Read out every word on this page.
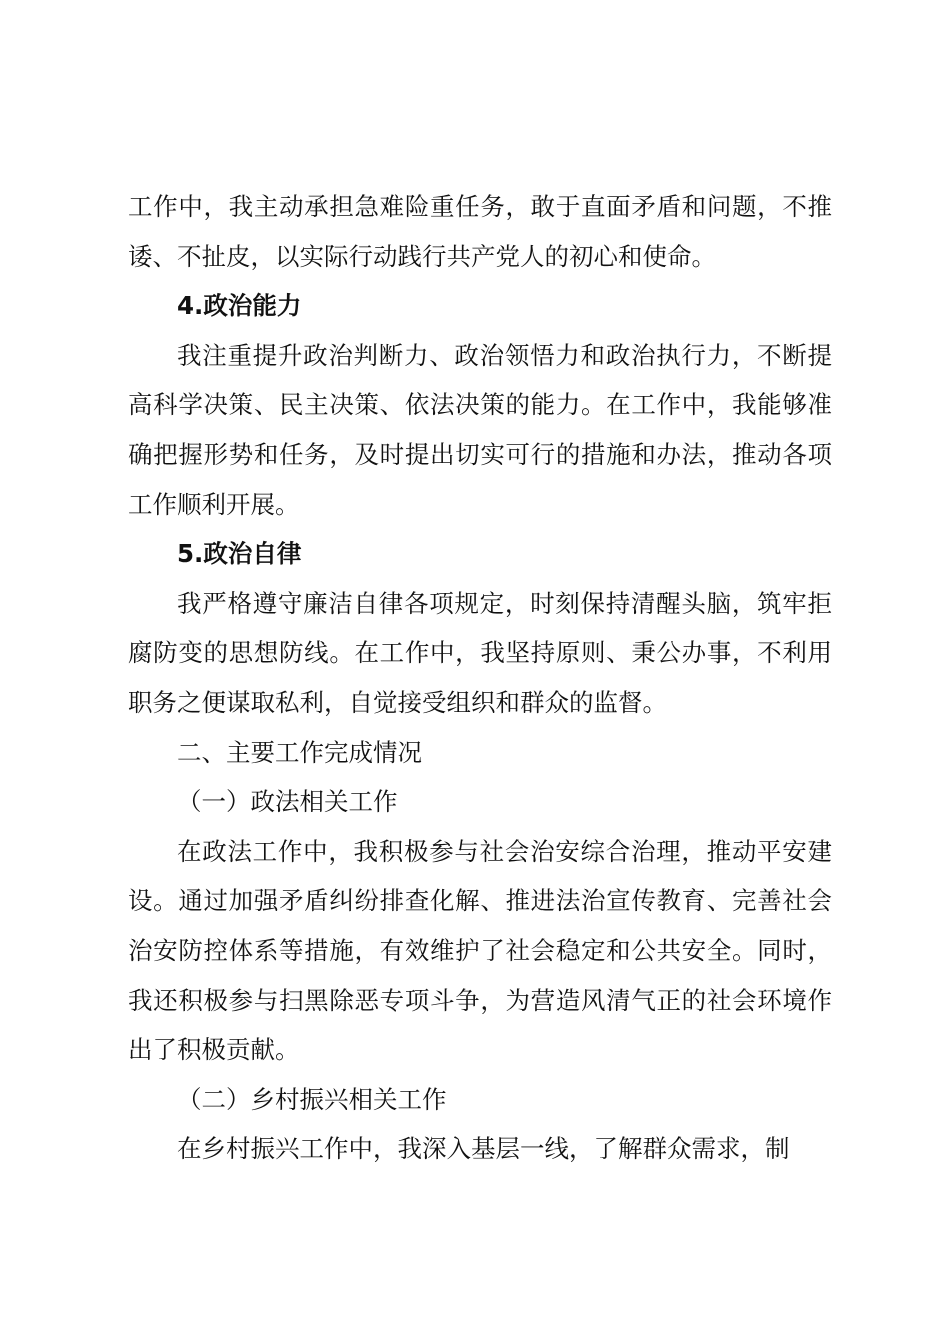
工作中，我主动承担急难险重任务，敢于直面矛盾和问题，不推诿、不扯皮，以实际行动践行共产党人的初心和使命。

4.政治能力

我注重提升政治判断力、政治领悟力和政治执行力，不断提高科学决策、民主决策、依法决策的能力。在工作中，我能够准确把握形势和任务，及时提出切实可行的措施和办法，推动各项工作顺利开展。

5.政治自律

我严格遵守廉洁自律各项规定，时刻保持清醒头脑，筑牢拒腐防变的思想防线。在工作中，我坚持原则、秉公办事，不利用职务之便谋取私利，自觉接受组织和群众的监督。

二、主要工作完成情况

（一）政法相关工作

在政法工作中，我积极参与社会治安综合治理，推动平安建设。通过加强矛盾纠纷排查化解、推进法治宣传教育、完善社会治安防控体系等措施，有效维护了社会稳定和公共安全。同时，我还积极参与扫黑除恶专项斗争，为营造风清气正的社会环境作出了积极贡献。

（二）乡村振兴相关工作

在乡村振兴工作中，我深入基层一线，了解群众需求，制
